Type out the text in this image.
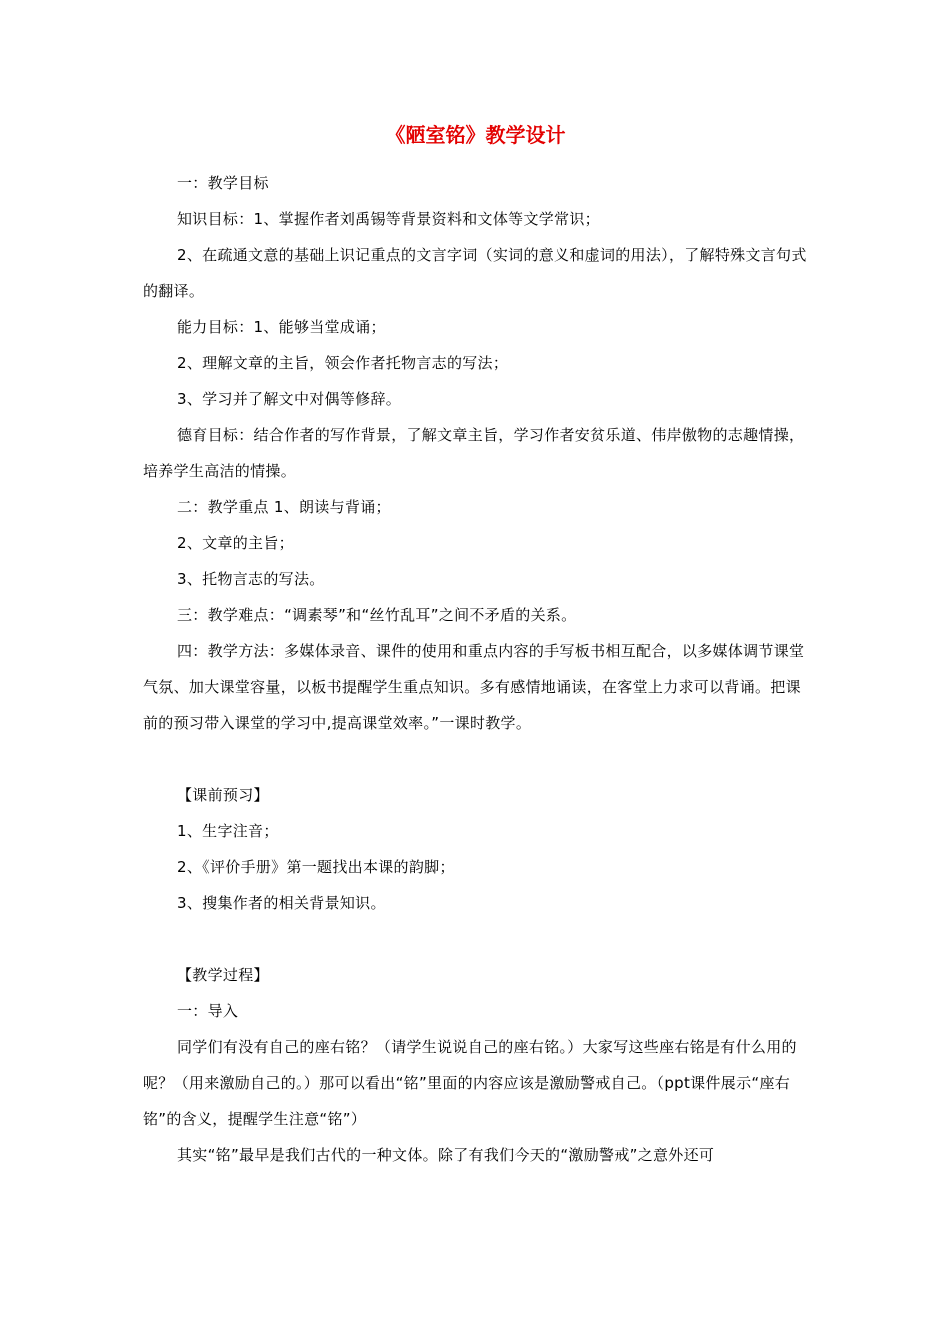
《陋室铭》教学设计

一：教学目标

知识目标：1、掌握作者刘禹锡等背景资料和文体等文学常识；

2、在疏通文意的基础上识记重点的文言字词（实词的意义和虚词的用法），了解特殊文言句式的翻译。

能力目标：1、能够当堂成诵；

2、理解文章的主旨，领会作者托物言志的写法；

3、学习并了解文中对偶等修辞。

德育目标：结合作者的写作背景，了解文章主旨，学习作者安贫乐道、伟岸傲物的志趣情操，培养学生高洁的情操。

二：教学重点 1、朗读与背诵；

2、文章的主旨；

3、托物言志的写法。

三：教学难点：“调素琴”和“丝竹乱耳”之间不矛盾的关系。

四：教学方法：多媒体录音、课件的使用和重点内容的手写板书相互配合，以多媒体调节课堂气氛、加大课堂容量，以板书提醒学生重点知识。多有感情地诵读，在客堂上力求可以背诵。把课前的预习带入课堂的学习中,提高课堂效率。”一课时教学。

【课前预习】

1、生字注音；

2、《评价手册》第一题找出本课的韵脚；

3、搜集作者的相关背景知识。

【教学过程】

一：导入

同学们有没有自己的座右铭？（请学生说说自己的座右铭。）大家写这些座右铭是有什么用的呢？（用来激励自己的。）那可以看出“铭”里面的内容应该是激励警戒自己。（ppt课件展示“座右铭”的含义，提醒学生注意“铭”）

其实“铭”最早是我们古代的一种文体。除了有我们今天的“激励警戒”之意外还可
